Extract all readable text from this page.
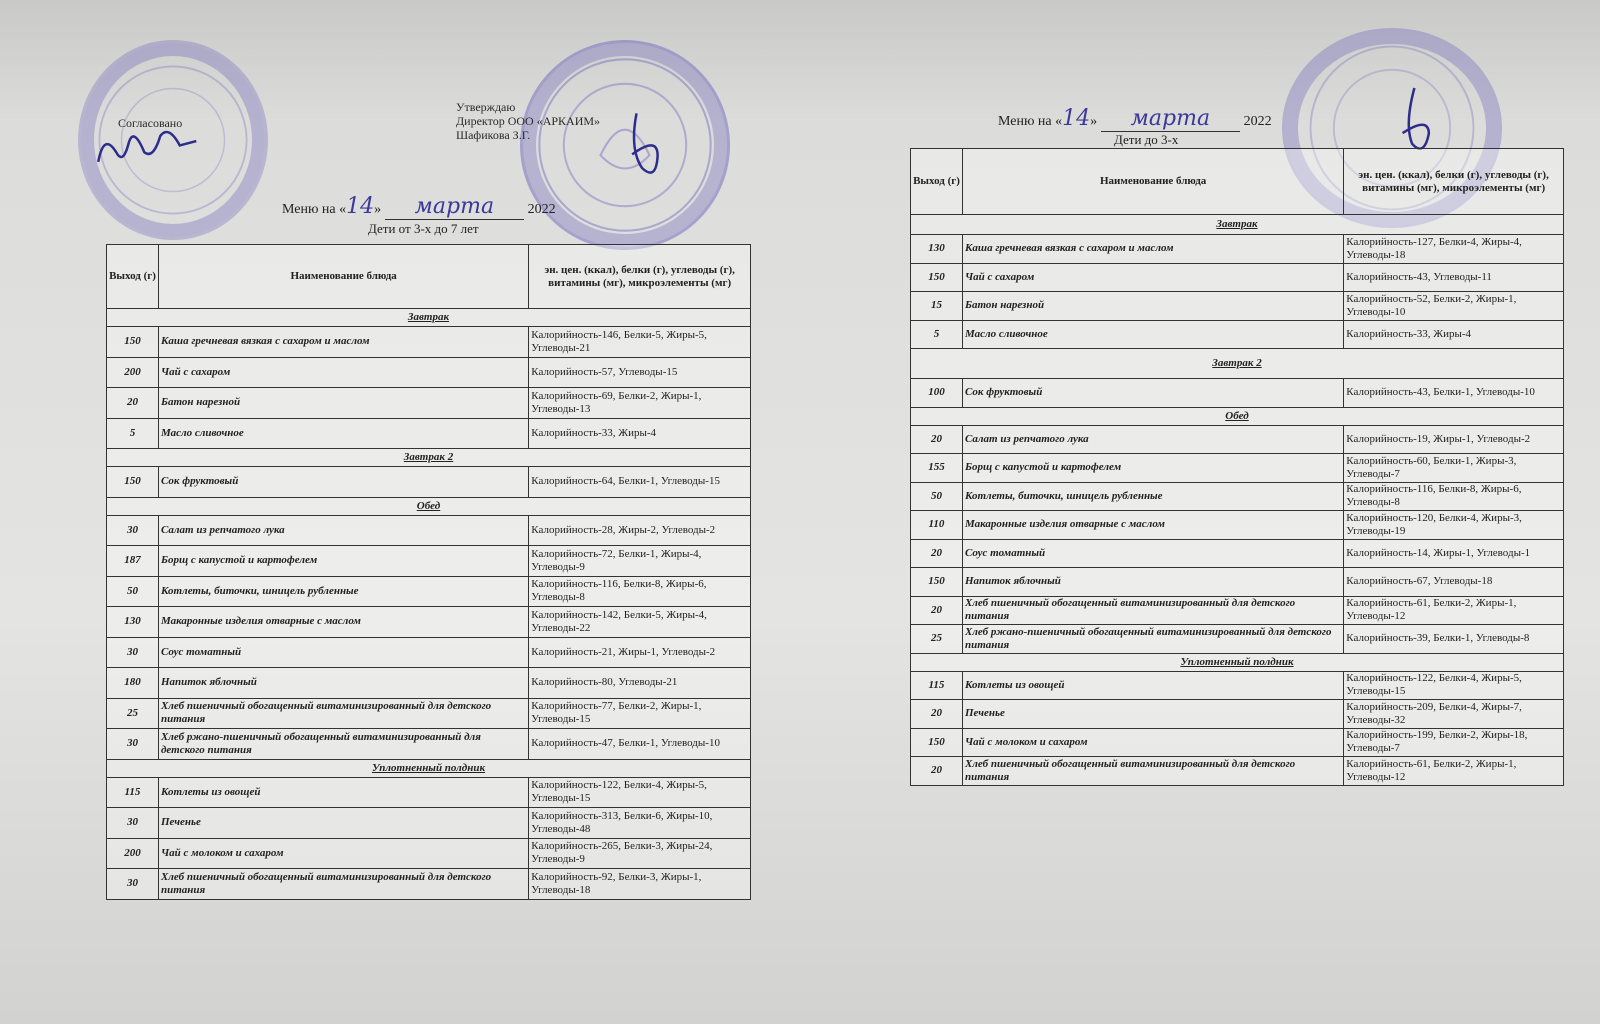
Согласовано
Утверждаю
Директор ООО «АРКАИМ»
Шафикова З.Г.
Меню на «14» марта 2022
Дети от 3-х до 7 лет
Выход (г)	Наименование блюда	эн. цен. (ккал), белки (г), углеводы (г), витамины (мг), микроэлементы (мг)
Завтрак		
150	Каша гречневая вязкая с сахаром и маслом	Калорийность-146, Белки-5, Жиры-5, Углеводы-21
200	Чай с сахаром	Калорийность-57, Углеводы-15
20	Батон нарезной	Калорийность-69, Белки-2, Жиры-1, Углеводы-13
5	Масло сливочное	Калорийность-33, Жиры-4
Завтрак 2		
150	Сок фруктовый	Калорийность-64, Белки-1, Углеводы-15
Обед		
30	Салат из репчатого лука	Калорийность-28, Жиры-2, Углеводы-2
187	Борщ с капустой и картофелем	Калорийность-72, Белки-1, Жиры-4, Углеводы-9
50	Котлеты, биточки, шницель рубленные	Калорийность-116, Белки-8, Жиры-6, Углеводы-8
130	Макаронные изделия отварные с маслом	Калорийность-142, Белки-5, Жиры-4, Углеводы-22
30	Соус томатный	Калорийность-21, Жиры-1, Углеводы-2
180	Напиток яблочный	Калорийность-80, Углеводы-21
25	Хлеб пшеничный обогащенный витаминизированный для детского питания	Калорийность-77, Белки-2, Жиры-1, Углеводы-15
30	Хлеб ржано-пшеничный обогащенный витаминизированный для детского питания	Калорийность-47, Белки-1, Углеводы-10
Уплотненный полдник		
115	Котлеты из овощей	Калорийность-122, Белки-4, Жиры-5, Углеводы-15
30	Печенье	Калорийность-313, Белки-6, Жиры-10, Углеводы-48
200	Чай с молоком и сахаром	Калорийность-265, Белки-3, Жиры-24, Углеводы-9
30	Хлеб пшеничный обогащенный витаминизированный для детского питания	Калорийность-92, Белки-3, Жиры-1, Углеводы-18
Меню на «14» марта 2022
Дети до 3-х
Выход (г)	Наименование блюда	эн. цен. (ккал), белки (г), углеводы (г), витамины (мг), микроэлементы (мг)
Завтрак		
130	Каша гречневая вязкая с сахаром и маслом	Калорийность-127, Белки-4, Жиры-4, Углеводы-18
150	Чай с сахаром	Калорийность-43, Углеводы-11
15	Батон нарезной	Калорийность-52, Белки-2, Жиры-1, Углеводы-10
5	Масло сливочное	Калорийность-33, Жиры-4
Завтрак 2		
100	Сок фруктовый	Калорийность-43, Белки-1, Углеводы-10
Обед		
20	Салат из репчатого лука	Калорийность-19, Жиры-1, Углеводы-2
155	Борщ с капустой и картофелем	Калорийность-60, Белки-1, Жиры-3, Углеводы-7
50	Котлеты, биточки, шницель рубленные	Калорийность-116, Белки-8, Жиры-6, Углеводы-8
110	Макаронные изделия отварные с маслом	Калорийность-120, Белки-4, Жиры-3, Углеводы-19
20	Соус томатный	Калорийность-14, Жиры-1, Углеводы-1
150	Напиток яблочный	Калорийность-67, Углеводы-18
20	Хлеб пшеничный обогащенный витаминизированный для детского питания	Калорийность-61, Белки-2, Жиры-1, Углеводы-12
25	Хлеб ржано-пшеничный обогащенный витаминизированный для детского питания	Калорийность-39, Белки-1, Углеводы-8
Уплотненный полдник		
115	Котлеты из овощей	Калорийность-122, Белки-4, Жиры-5, Углеводы-15
20	Печенье	Калорийность-209, Белки-4, Жиры-7, Углеводы-32
150	Чай с молоком и сахаром	Калорийность-199, Белки-2, Жиры-18, Углеводы-7
20	Хлеб пшеничный обогащенный витаминизированный для детского питания	Калорийность-61, Белки-2, Жиры-1, Углеводы-12
